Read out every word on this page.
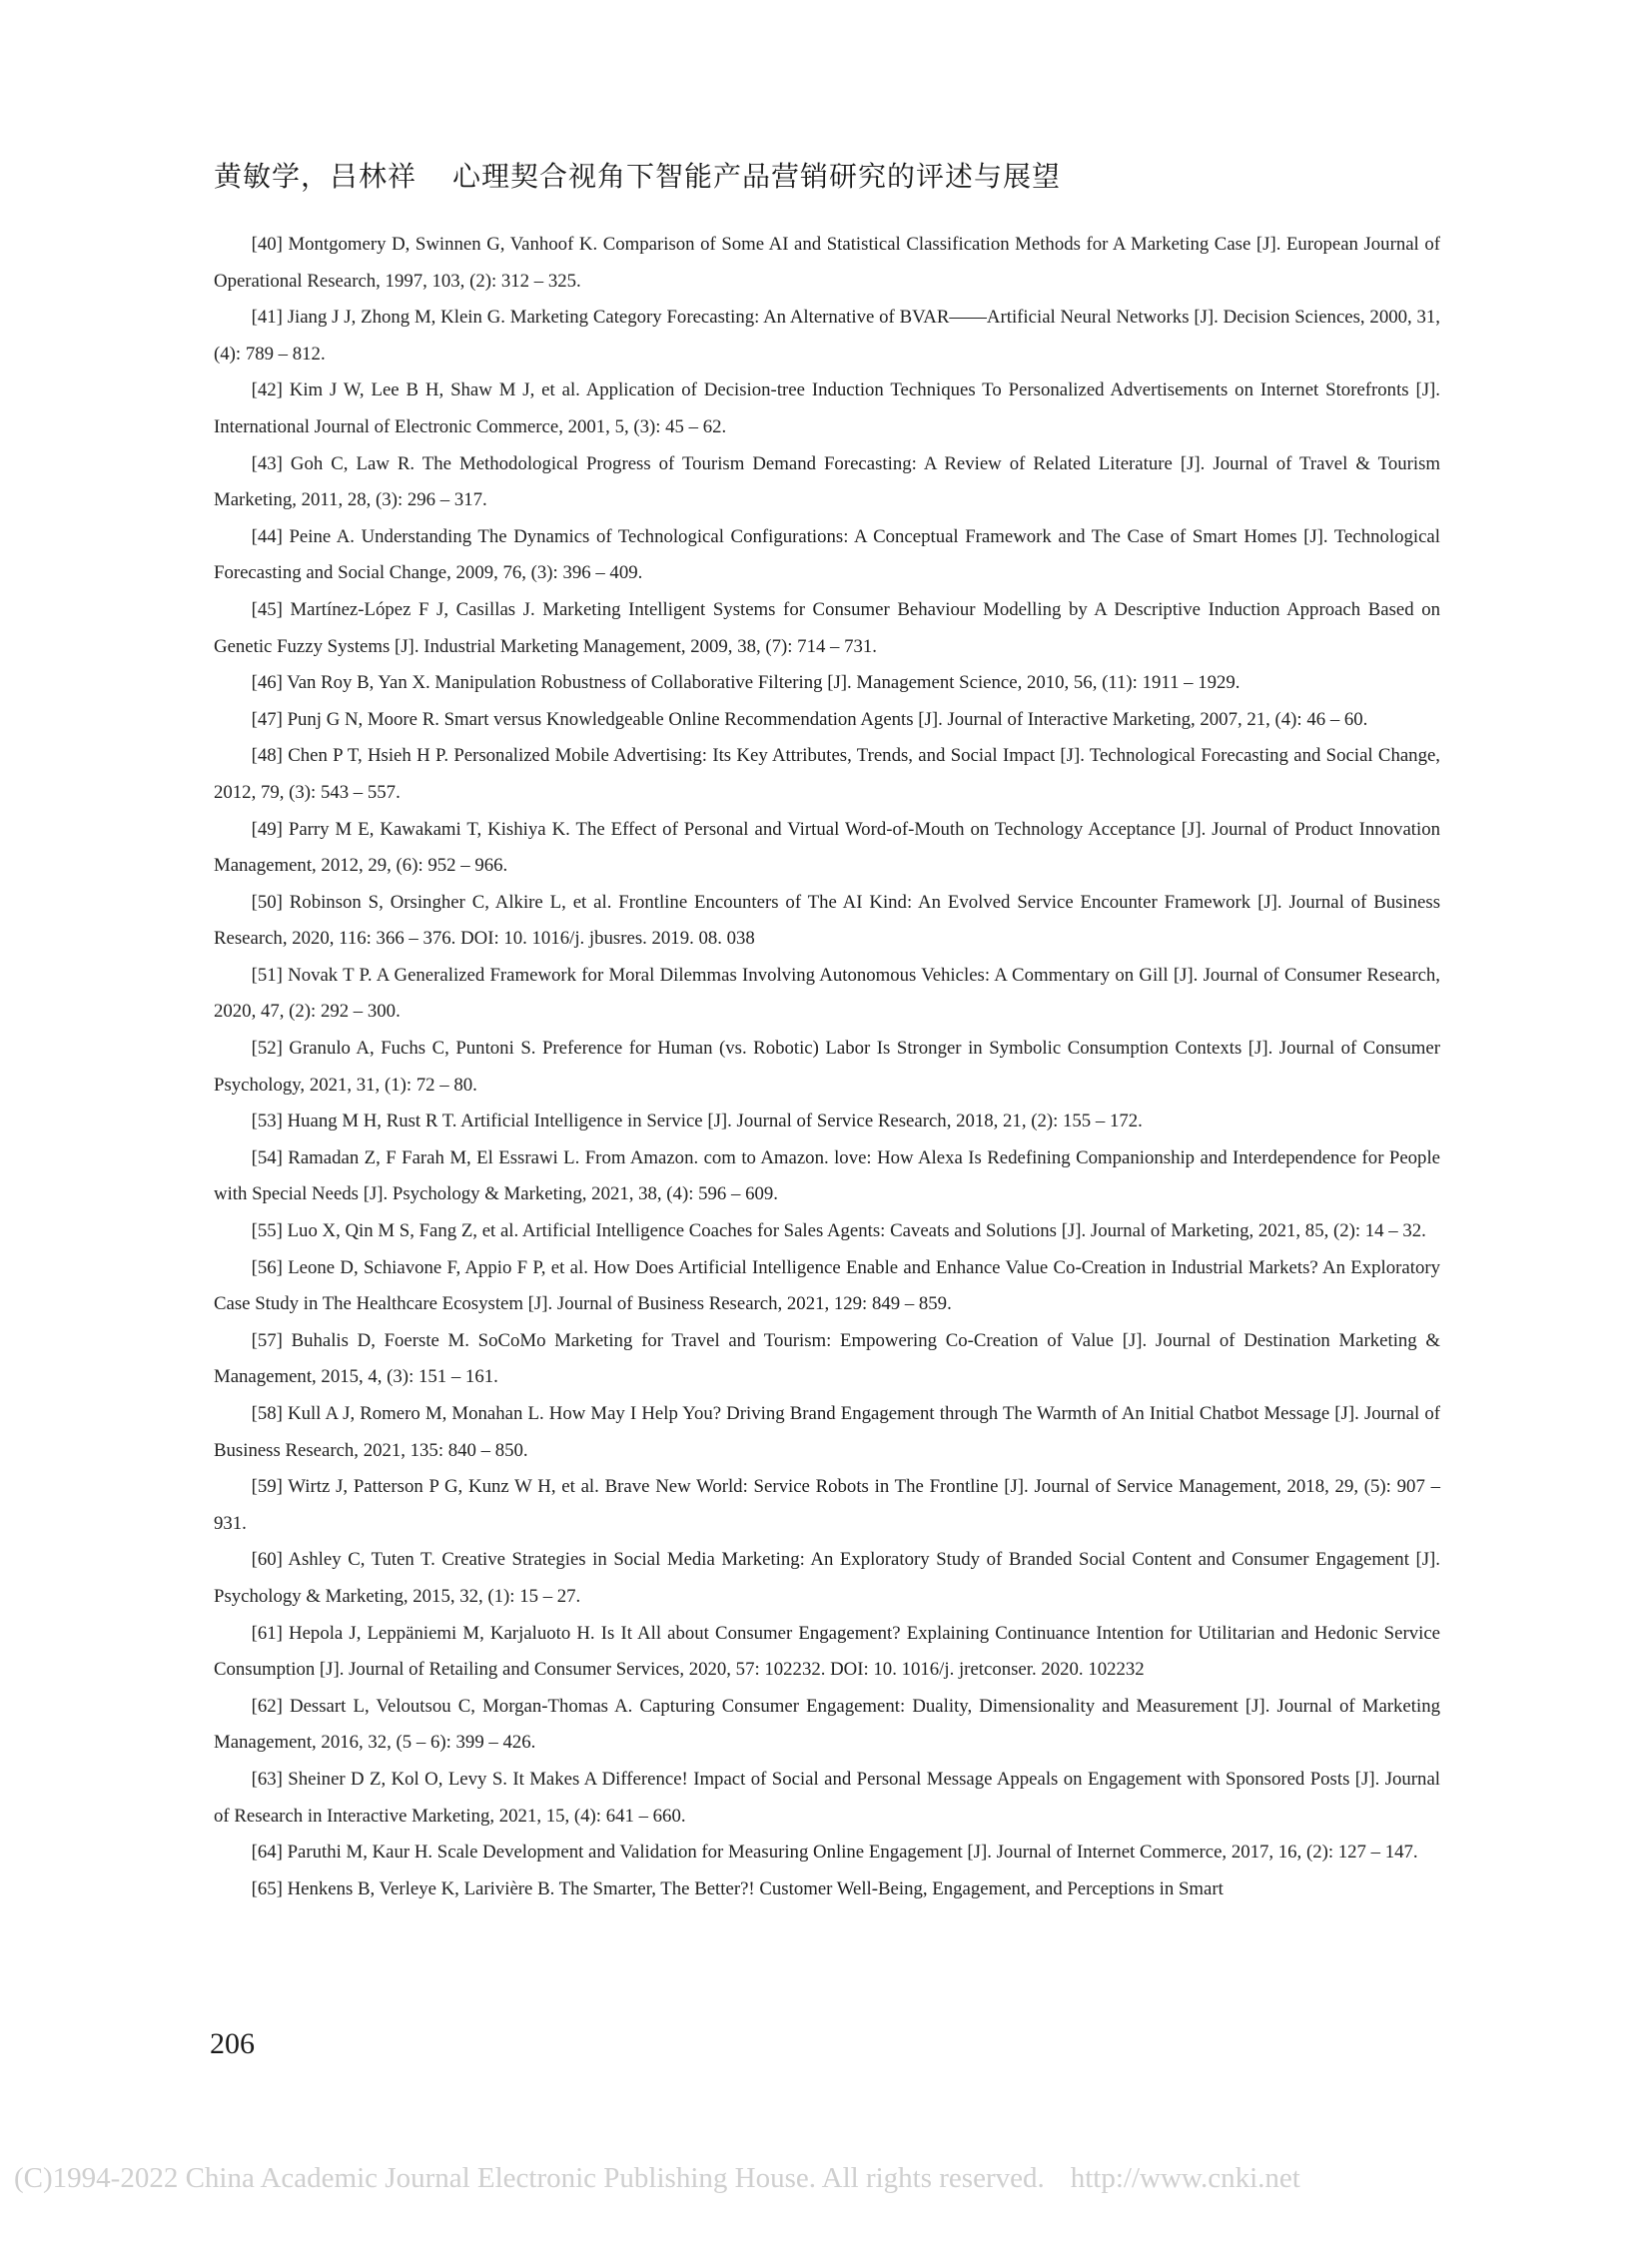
黄敏学，吕林祥 心理契合视角下智能产品营销研究的评述与展望

[40] Montgomery D, Swinnen G, Vanhoof K. Comparison of Some AI and Statistical Classification Methods for A Marketing Case [J]. European Journal of Operational Research, 1997, 103, (2): 312 – 325.

[41] Jiang J J, Zhong M, Klein G. Marketing Category Forecasting: An Alternative of BVAR——Artificial Neural Networks [J]. Decision Sciences, 2000, 31, (4): 789 – 812.

[42] Kim J W, Lee B H, Shaw M J, et al. Application of Decision-tree Induction Techniques To Personalized Advertisements on Internet Storefronts [J]. International Journal of Electronic Commerce, 2001, 5, (3): 45 – 62.

[43] Goh C, Law R. The Methodological Progress of Tourism Demand Forecasting: A Review of Related Literature [J]. Journal of Travel & Tourism Marketing, 2011, 28, (3): 296 – 317.

[44] Peine A. Understanding The Dynamics of Technological Configurations: A Conceptual Framework and The Case of Smart Homes [J]. Technological Forecasting and Social Change, 2009, 76, (3): 396 – 409.

[45] Martínez-López F J, Casillas J. Marketing Intelligent Systems for Consumer Behaviour Modelling by A Descriptive Induction Approach Based on Genetic Fuzzy Systems [J]. Industrial Marketing Management, 2009, 38, (7): 714 – 731.

[46] Van Roy B, Yan X. Manipulation Robustness of Collaborative Filtering [J]. Management Science, 2010, 56, (11): 1911 – 1929.

[47] Punj G N, Moore R. Smart versus Knowledgeable Online Recommendation Agents [J]. Journal of Interactive Marketing, 2007, 21, (4): 46 – 60.

[48] Chen P T, Hsieh H P. Personalized Mobile Advertising: Its Key Attributes, Trends, and Social Impact [J]. Technological Forecasting and Social Change, 2012, 79, (3): 543 – 557.

[49] Parry M E, Kawakami T, Kishiya K. The Effect of Personal and Virtual Word-of-Mouth on Technology Acceptance [J]. Journal of Product Innovation Management, 2012, 29, (6): 952 – 966.

[50] Robinson S, Orsingher C, Alkire L, et al. Frontline Encounters of The AI Kind: An Evolved Service Encounter Framework [J]. Journal of Business Research, 2020, 116: 366 – 376. DOI: 10. 1016/j. jbusres. 2019. 08. 038

[51] Novak T P. A Generalized Framework for Moral Dilemmas Involving Autonomous Vehicles: A Commentary on Gill [J]. Journal of Consumer Research, 2020, 47, (2): 292 – 300.

[52] Granulo A, Fuchs C, Puntoni S. Preference for Human (vs. Robotic) Labor Is Stronger in Symbolic Consumption Contexts [J]. Journal of Consumer Psychology, 2021, 31, (1): 72 – 80.

[53] Huang M H, Rust R T. Artificial Intelligence in Service [J]. Journal of Service Research, 2018, 21, (2): 155 – 172.

[54] Ramadan Z, F Farah M, El Essrawi L. From Amazon. com to Amazon. love: How Alexa Is Redefining Companionship and Interdependence for People with Special Needs [J]. Psychology & Marketing, 2021, 38, (4): 596 – 609.

[55] Luo X, Qin M S, Fang Z, et al. Artificial Intelligence Coaches for Sales Agents: Caveats and Solutions [J]. Journal of Marketing, 2021, 85, (2): 14 – 32.

[56] Leone D, Schiavone F, Appio F P, et al. How Does Artificial Intelligence Enable and Enhance Value Co-Creation in Industrial Markets? An Exploratory Case Study in The Healthcare Ecosystem [J]. Journal of Business Research, 2021, 129: 849 – 859.

[57] Buhalis D, Foerste M. SoCoMo Marketing for Travel and Tourism: Empowering Co-Creation of Value [J]. Journal of Destination Marketing & Management, 2015, 4, (3): 151 – 161.

[58] Kull A J, Romero M, Monahan L. How May I Help You? Driving Brand Engagement through The Warmth of An Initial Chatbot Message [J]. Journal of Business Research, 2021, 135: 840 – 850.

[59] Wirtz J, Patterson P G, Kunz W H, et al. Brave New World: Service Robots in The Frontline [J]. Journal of Service Management, 2018, 29, (5): 907 – 931.

[60] Ashley C, Tuten T. Creative Strategies in Social Media Marketing: An Exploratory Study of Branded Social Content and Consumer Engagement [J]. Psychology & Marketing, 2015, 32, (1): 15 – 27.

[61] Hepola J, Leppäniemi M, Karjaluoto H. Is It All about Consumer Engagement? Explaining Continuance Intention for Utilitarian and Hedonic Service Consumption [J]. Journal of Retailing and Consumer Services, 2020, 57: 102232. DOI: 10. 1016/j. jretconser. 2020. 102232

[62] Dessart L, Veloutsou C, Morgan-Thomas A. Capturing Consumer Engagement: Duality, Dimensionality and Measurement [J]. Journal of Marketing Management, 2016, 32, (5 – 6): 399 – 426.

[63] Sheiner D Z, Kol O, Levy S. It Makes A Difference! Impact of Social and Personal Message Appeals on Engagement with Sponsored Posts [J]. Journal of Research in Interactive Marketing, 2021, 15, (4): 641 – 660.

[64] Paruthi M, Kaur H. Scale Development and Validation for Measuring Online Engagement [J]. Journal of Internet Commerce, 2017, 16, (2): 127 – 147.

[65] Henkens B, Verleye K, Larivière B. The Smarter, The Better?! Customer Well-Being, Engagement, and Perceptions in Smart

206
(C)1994-2022 China Academic Journal Electronic Publishing House. All rights reserved. http://www.cnki.net
